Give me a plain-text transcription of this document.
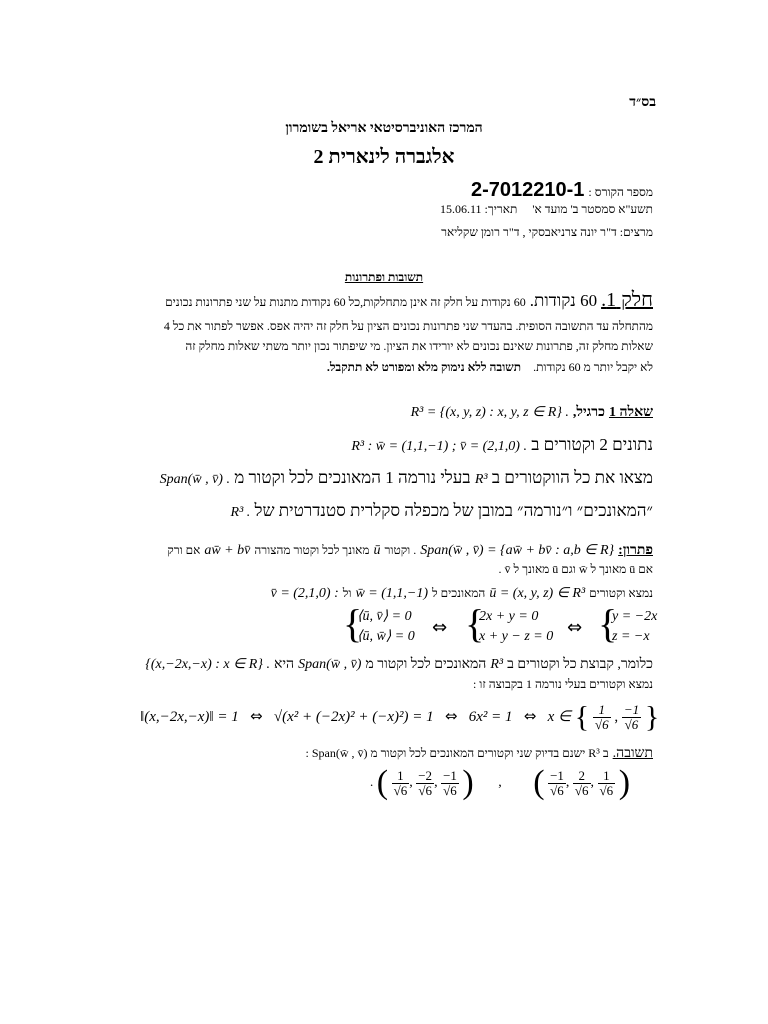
בס״ד
המרכז האוניברסיטאי אריאל בשומרון
אלגברה לינארית 2
מספר הקורס : 2-7012210-1
תשע"א סמסטר ב' מועד א'     תאריך: 15.06.11
מרצים: ד"ר יונה צרניאבסקי , ד"ר רומן שקליאר
תשובות ופתרונות
חלק 1. 60 נקודות. 60 נקודות על חלק זה אינן מתחלקות,כל 60 נקודות מתנות על שני פתרונות נכונים
מהתחלה עד התשובה הסופית. בהעדר שני פתרונות נכונים הציון על חלק זה יהיה אפס. אפשר לפתור את כל 4
שאלות מחלק זה, פתרונות שאינם נכונים לא יורידו את הציון. מי שיפתור נכון יותר משתי שאלות מחלק זה
לא יקבל יותר מ 60 נקודות.    תשובה ללא נימוק מלא ומפורט לא תתקבל.
שאלה 1 כרגיל, R³ = {(x, y, z) : x, y, z ∈ R} .
נתונים 2 וקטורים ב R³ : w̄ = (1,1,−1) ; v̄ = (2,1,0) .
מצאו את כל הווקטורים ב R³ בעלי נורמה 1 המאונכים לכל וקטור מ Span(w̄ , v̄) .
״המאונכים״ ו״נורמה״ במובן של מכפלה סקלרית סטנדרטית של R³ .
פתרון: Span(w̄ , v̄) = {aw̄ + bv̄ : a,b ∈ R} . וקטור ū מאונך לכל וקטור מהצורה aw̄ + bv̄ אם ורק
אם ū מאונך ל w̄ וגם ū מאונך ל v̄ .
נמצא וקטורים ū = (x, y, z) ∈ R³ המאונכים ל w̄ = (1,1,−1) ול v̄ = (2,1,0) :
{
⟨ū, v̄⟩ = 0
⟨ū, w̄⟩ = 0 ⇔ {
2x + y = 0
x + y − z = 0 ⇔ {
y = −2x
z = −x
כלומר, קבוצת כל וקטורים ב R³ המאונכים לכל וקטור מ Span(w̄ , v̄) היא {(x,−2x,−x) : x ∈ R} .
נמצא וקטורים בעלי נורמה 1 בקבוצה זו :
‖(x,−2x,−x)‖ = 1 ⇔ √(x² + (−2x)² + (−x)²) = 1 ⇔ 6x² = 1 ⇔ x ∈ { $\frac{1}{√6}$ , $\frac{-1}{√6}$ }
תשובה. ב R³ ישנם בדיוק שני וקטורים המאונכים לכל וקטור מ Span(w̄ , v̄) :
. ( $\frac{1}{√6}$ , $\frac{-2}{√6}$ , $\frac{-1}{√6}$ ) , ( $\frac{-1}{√6}$ , $\frac{2}{√6}$ , $\frac{1}{√6}$ )
